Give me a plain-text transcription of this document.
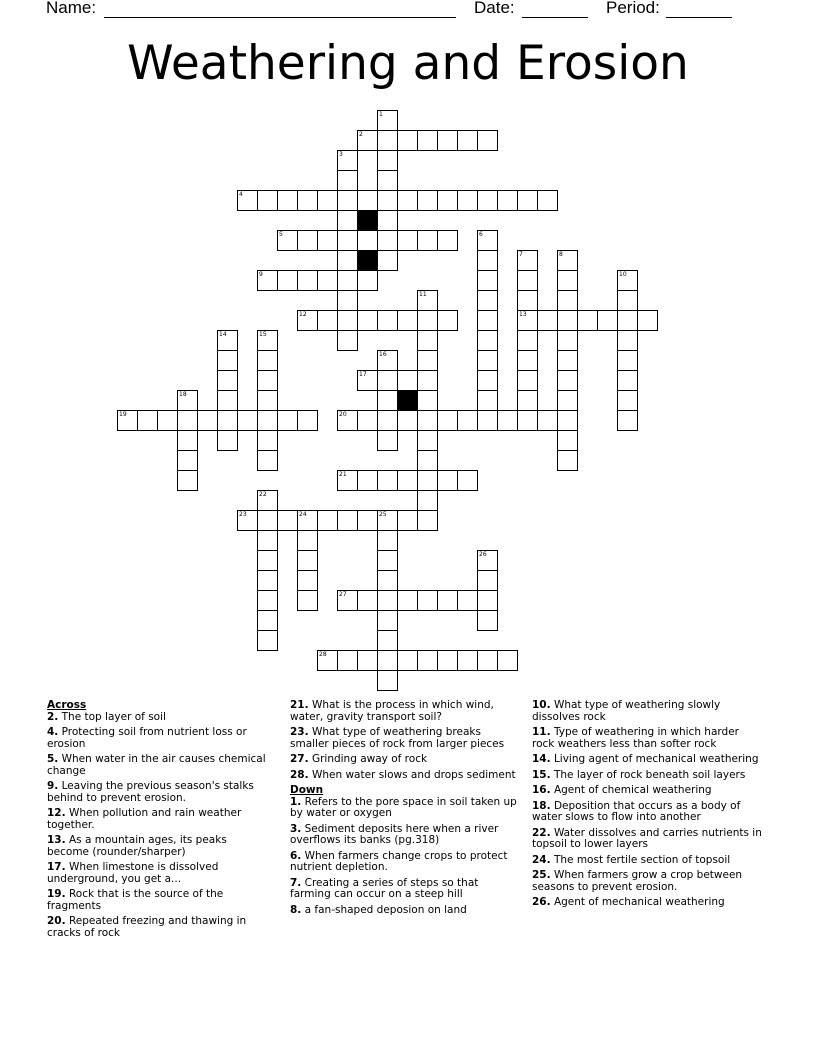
Name:	Date:	Period:
Weathering and Erosion
1
2
3
4
5	6
7	8
9	10
11
12	13
14	15
16
17
18
19	20
21
22
23	24	25
26
27
28
Across
2. The top layer of soil
4. Protecting soil from nutrient loss or erosion
5. When water in the air causes chemical change
9. Leaving the previous season's stalks behind to prevent erosion.
12. When pollution and rain weather together.
13. As a mountain ages, its peaks become (rounder/sharper)
17. When limestone is dissolved underground, you get a...
19. Rock that is the source of the fragments
20. Repeated freezing and thawing in cracks of rock
21. What is the process in which wind, water, gravity transport soil?
23. What type of weathering breaks smaller pieces of rock from larger pieces
27. Grinding away of rock
28. When water slows and drops sediment
Down
1. Refers to the pore space in soil taken up by water or oxygen
3. Sediment deposits here when a river overflows its banks (pg.318)
6. When farmers change crops to protect nutrient depletion.
7. Creating a series of steps so that farming can occur on a steep hill
8. a fan-shaped deposion on land
10. What type of weathering slowly dissolves rock
11. Type of weathering in which harder rock weathers less than softer rock
14. Living agent of mechanical weathering
15. The layer of rock beneath soil layers
16. Agent of chemical weathering
18. Deposition that occurs as a body of water slows to flow into another
22. Water dissolves and carries nutrients in topsoil to lower layers
24. The most fertile section of topsoil
25. When farmers grow a crop between seasons to prevent erosion.
26. Agent of mechanical weathering
